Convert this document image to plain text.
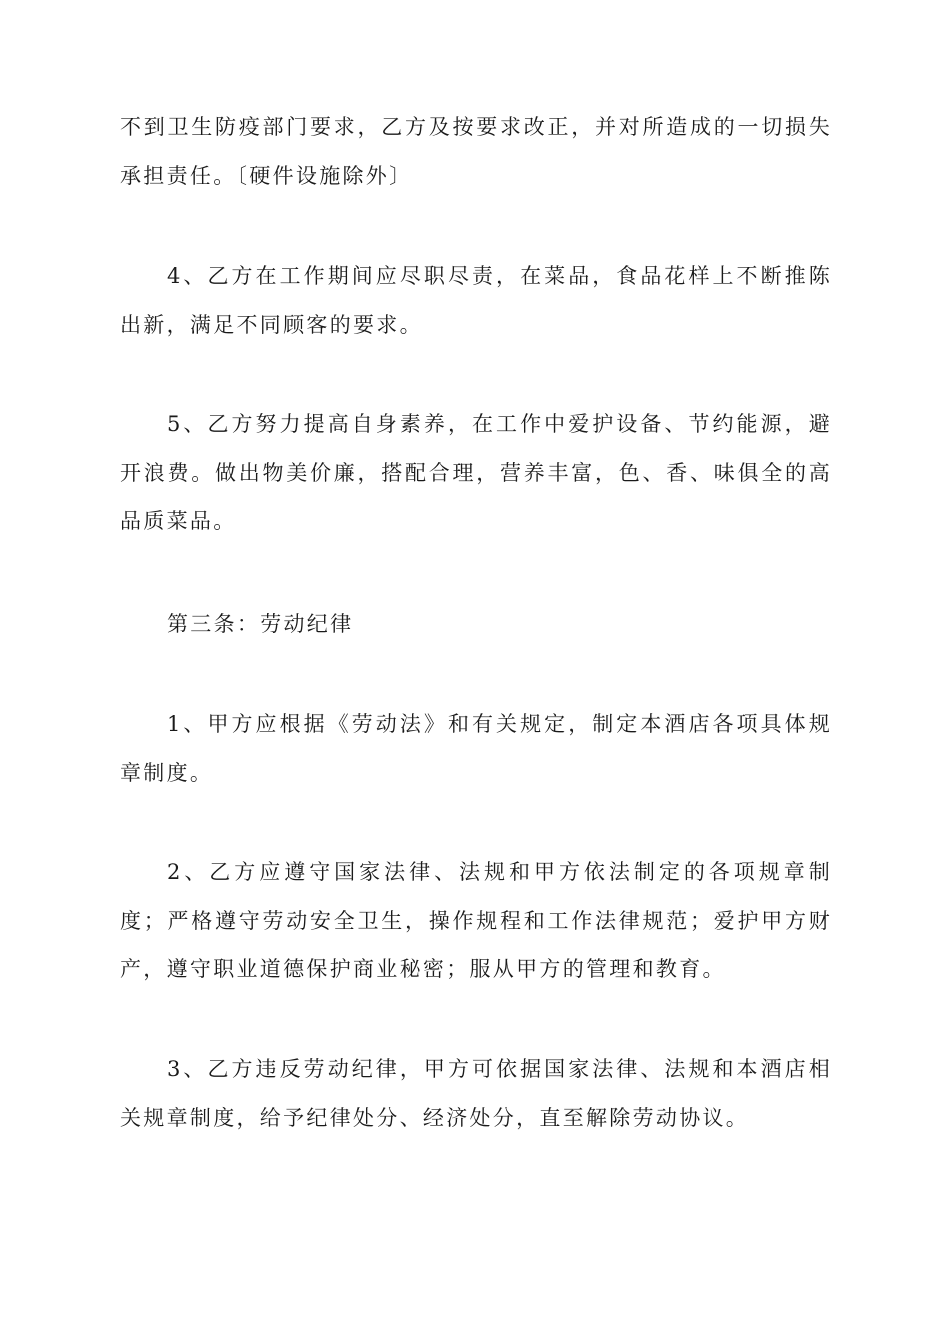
不到卫生防疫部门要求，乙方及按要求改正，并对所造成的一切损失承担责任。〔硬件设施除外〕

4、乙方在工作期间应尽职尽责，在菜品，食品花样上不断推陈出新，满足不同顾客的要求。

5、乙方努力提高自身素养，在工作中爱护设备、节约能源，避开浪费。做出物美价廉，搭配合理，营养丰富，色、香、味俱全的高品质菜品。

第三条：劳动纪律

1、甲方应根据《劳动法》和有关规定，制定本酒店各项具体规章制度。

2、乙方应遵守国家法律、法规和甲方依法制定的各项规章制度；严格遵守劳动安全卫生，操作规程和工作法律规范；爱护甲方财产，遵守职业道德保护商业秘密；服从甲方的管理和教育。

3、乙方违反劳动纪律，甲方可依据国家法律、法规和本酒店相关规章制度，给予纪律处分、经济处分，直至解除劳动协议。
